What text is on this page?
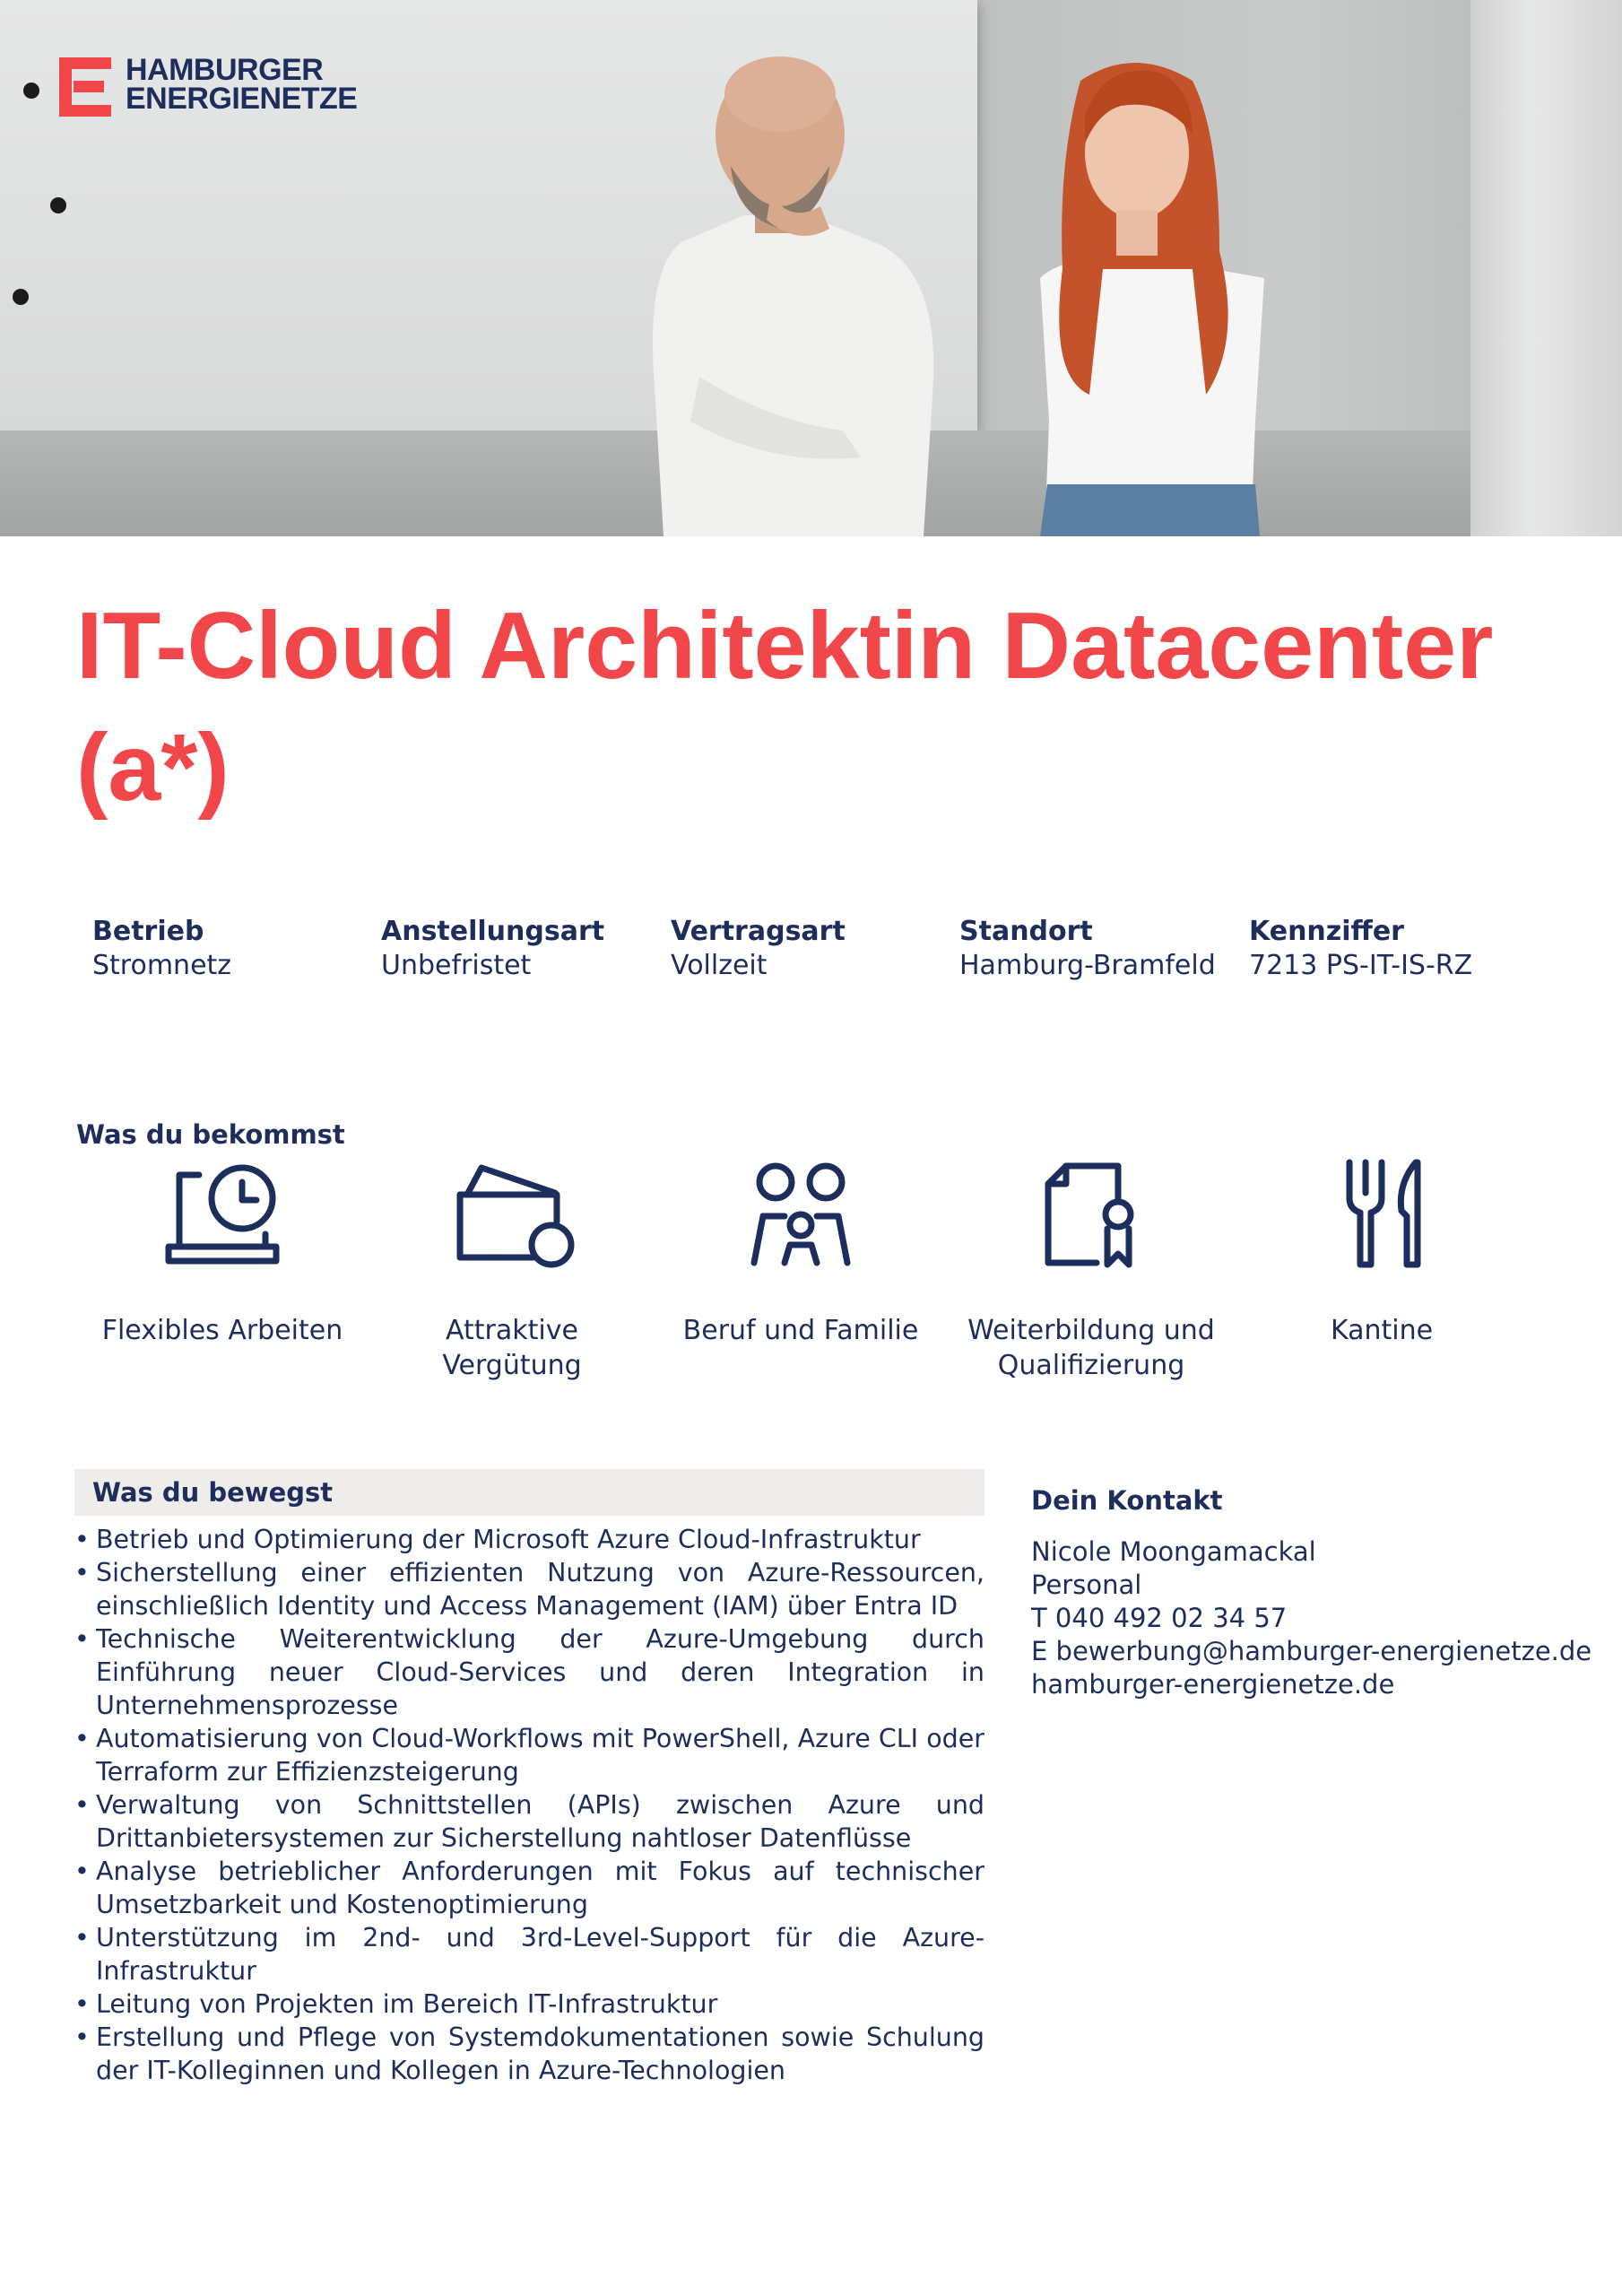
HAMBURGER
ENERGIENETZE
IT-Cloud Architektin Datacenter
(a*)
Betrieb
Stromnetz
Anstellungsart
Unbefristet
Vertragsart
Vollzeit
Standort
Hamburg-Bramfeld
Kennziffer
7213 PS-IT-IS-RZ
Was du bekommst
Flexibles Arbeiten	Attraktive
Vergütung
Beruf und Familie	Weiterbildung und
Qualifizierung
Kantine

Was du bewegst
• Betrieb und Optimierung der Microsoft Azure Cloud-Infrastruktur
• Sicherstellung einer effizienten Nutzung von Azure-Ressourcen, einschließlich Identity und Access Management (IAM) über Entra ID
• Technische Weiterentwicklung der Azure-Umgebung durch Einführung neuer Cloud-Services und deren Integration in Unternehmensprozesse
• Automatisierung von Cloud-Workflows mit PowerShell, Azure CLI oder Terraform zur Effizienzsteigerung
• Verwaltung von Schnittstellen (APIs) zwischen Azure und Drittanbietersystemen zur Sicherstellung nahtloser Datenflüsse
• Analyse betrieblicher Anforderungen mit Fokus auf technischer Umsetzbarkeit und Kostenoptimierung
• Unterstützung im 2nd- und 3rd-Level-Support für die Azure-Infrastruktur
• Leitung von Projekten im Bereich IT-Infrastruktur
• Erstellung und Pflege von Systemdokumentationen sowie Schulung der IT-Kolleginnen und Kollegen in Azure-Technologien
Dein Kontakt
Nicole Moongamackal
Personal
T 040 492 02 34 57
E bewerbung@hamburger-energienetze.de
hamburger-energienetze.de
